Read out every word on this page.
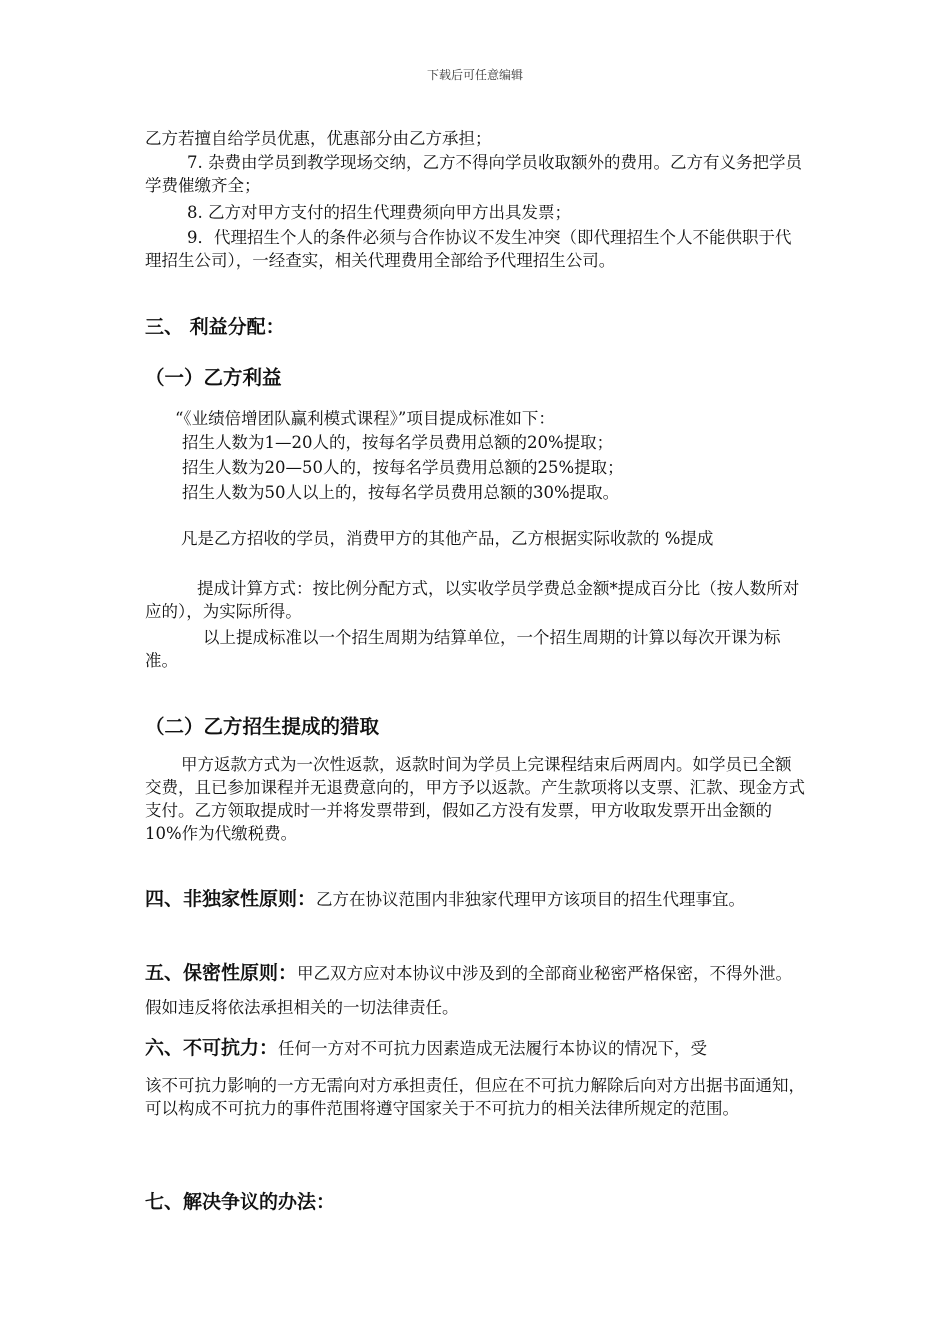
下载后可任意编辑

乙方若擅自给学员优惠，优惠部分由乙方承担；

7. 杂费由学员到教学现场交纳，乙方不得向学员收取额外的费用。乙方有义务把学员学费催缴齐全；

8. 乙方对甲方支付的招生代理费须向甲方出具发票；

9．代理招生个人的条件必须与合作协议不发生冲突（即代理招生个人不能供职于代理招生公司），一经查实，相关代理费用全部给予代理招生公司。

三、 利益分配：
（一）乙方利益

“《业绩倍增团队赢利模式课程》”项目提成标准如下：

招生人数为1—20人的，按每名学员费用总额的20%提取；

招生人数为20—50人的，按每名学员费用总额的25%提取；

招生人数为50人以上的，按每名学员费用总额的30%提取。

凡是乙方招收的学员，消费甲方的其他产品，乙方根据实际收款的 %提成

提成计算方式：按比例分配方式，以实收学员学费总金额*提成百分比（按人数所对应的），为实际所得。

以上提成标准以一个招生周期为结算单位，一个招生周期的计算以每次开课为标准。

（二）乙方招生提成的猎取

甲方返款方式为一次性返款，返款时间为学员上完课程结束后两周内。如学员已全额交费，且已参加课程并无退费意向的，甲方予以返款。产生款项将以支票、汇款、现金方式支付。乙方领取提成时一并将发票带到，假如乙方没有发票，甲方收取发票开出金额的10%作为代缴税费。

四、非独家性原则：乙方在协议范围内非独家代理甲方该项目的招生代理事宜。

五、保密性原则：甲乙双方应对本协议中涉及到的全部商业秘密严格保密，不得外泄。假如违反将依法承担相关的一切法律责任。

六、不可抗力：任何一方对不可抗力因素造成无法履行本协议的情况下，受

该不可抗力影响的一方无需向对方承担责任，但应在不可抗力解除后向对方出据书面通知，可以构成不可抗力的事件范围将遵守国家关于不可抗力的相关法律所规定的范围。

七、解决争议的办法：
